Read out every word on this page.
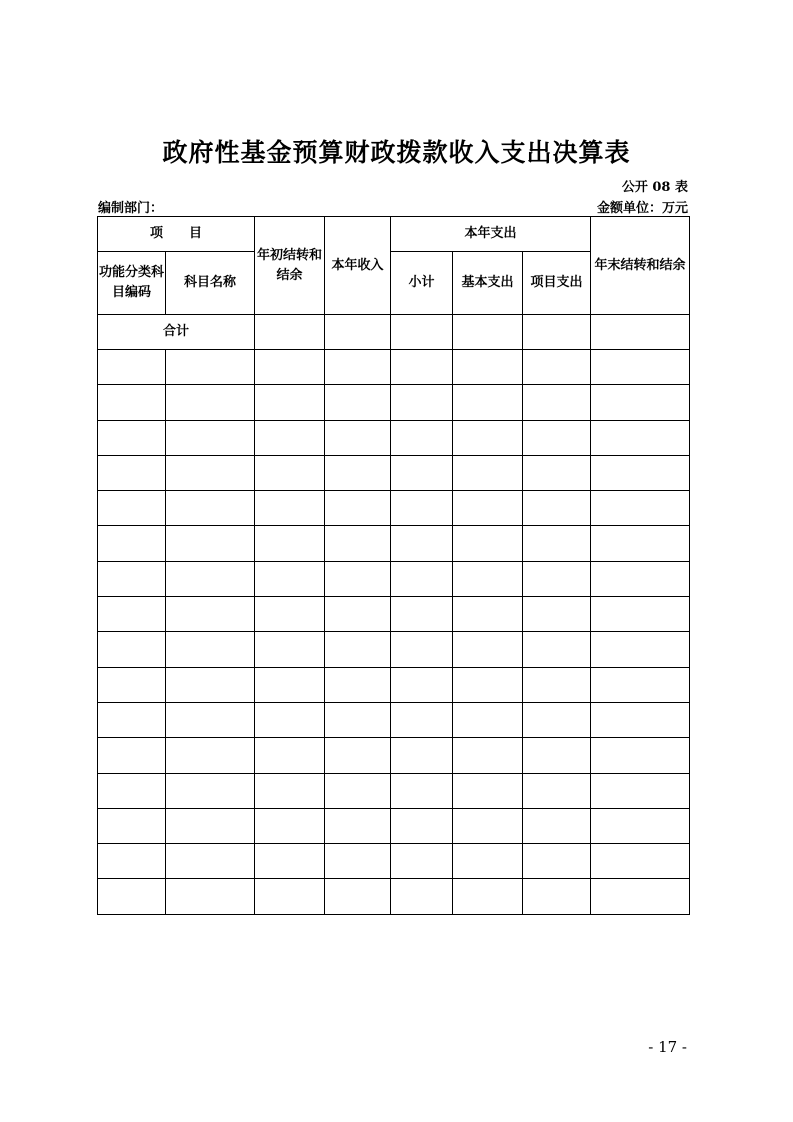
政府性基金预算财政拨款收入支出决算表
公开 08 表
编制部门：	金额单位：万元
项　　目		年初结转和结余	本年收入	本年支出			年末结转和结余
功能分类科目编码	科目名称			小计	基本支出	项目支出	
合计							

- 17 -
